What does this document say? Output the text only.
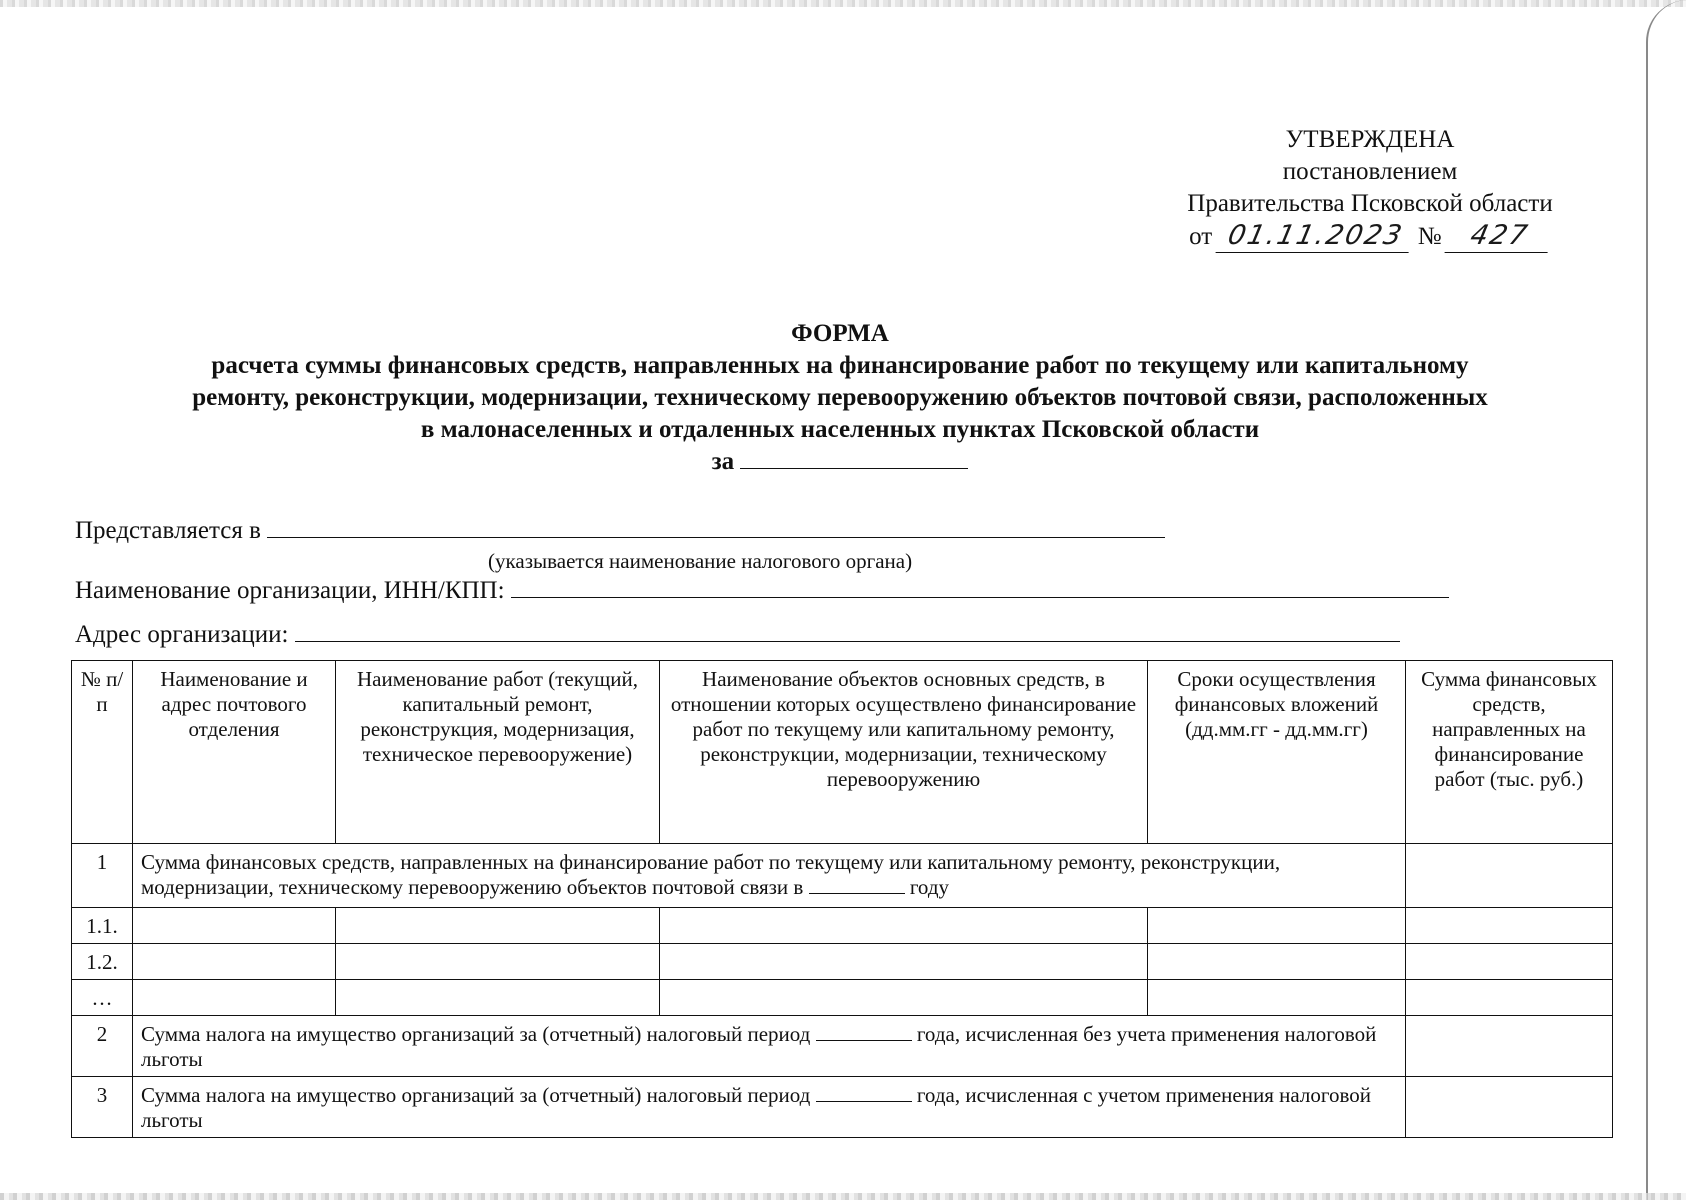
УТВЕРЖДЕНА
постановлением
Правительства Псковской области
от 01.11.2023 № 427
ФОРМА
расчета суммы финансовых средств, направленных на финансирование работ по текущему или капитальному
ремонту, реконструкции, модернизации, техническому перевооружению объектов почтовой связи, расположенных
в малонаселенных и отдаленных населенных пунктах Псковской области
за
Представляется в
(указывается наименование налогового органа)
Наименование организации, ИНН/КПП:
Адрес организации:
№ п/п	Наименование и адрес почтового отделения	Наименование работ (текущий, капитальный ремонт, реконструкция, модернизация, техническое перевооружение)	Наименование объектов основных средств, в отношении которых осуществлено финансирование работ по текущему или капитальному ремонту, реконструкции, модернизации, техническому перевооружению	Сроки осуществления финансовых вложений (дд.мм.гг - дд.мм.гг)	Сумма финансовых средств, направленных на финансирование работ (тыс. руб.)
1	Сумма финансовых средств, направленных на финансирование работ по текущему или капитальному ремонту, реконструкции, модернизации, техническому перевооружению объектов почтовой связи в году				
1.1.					
1.2.					
…					
2	Сумма налога на имущество организаций за (отчетный) налоговый период года, исчисленная без учета применения налоговой льготы				
3	Сумма налога на имущество организаций за (отчетный) налоговый период года, исчисленная с учетом применения налоговой льготы				
